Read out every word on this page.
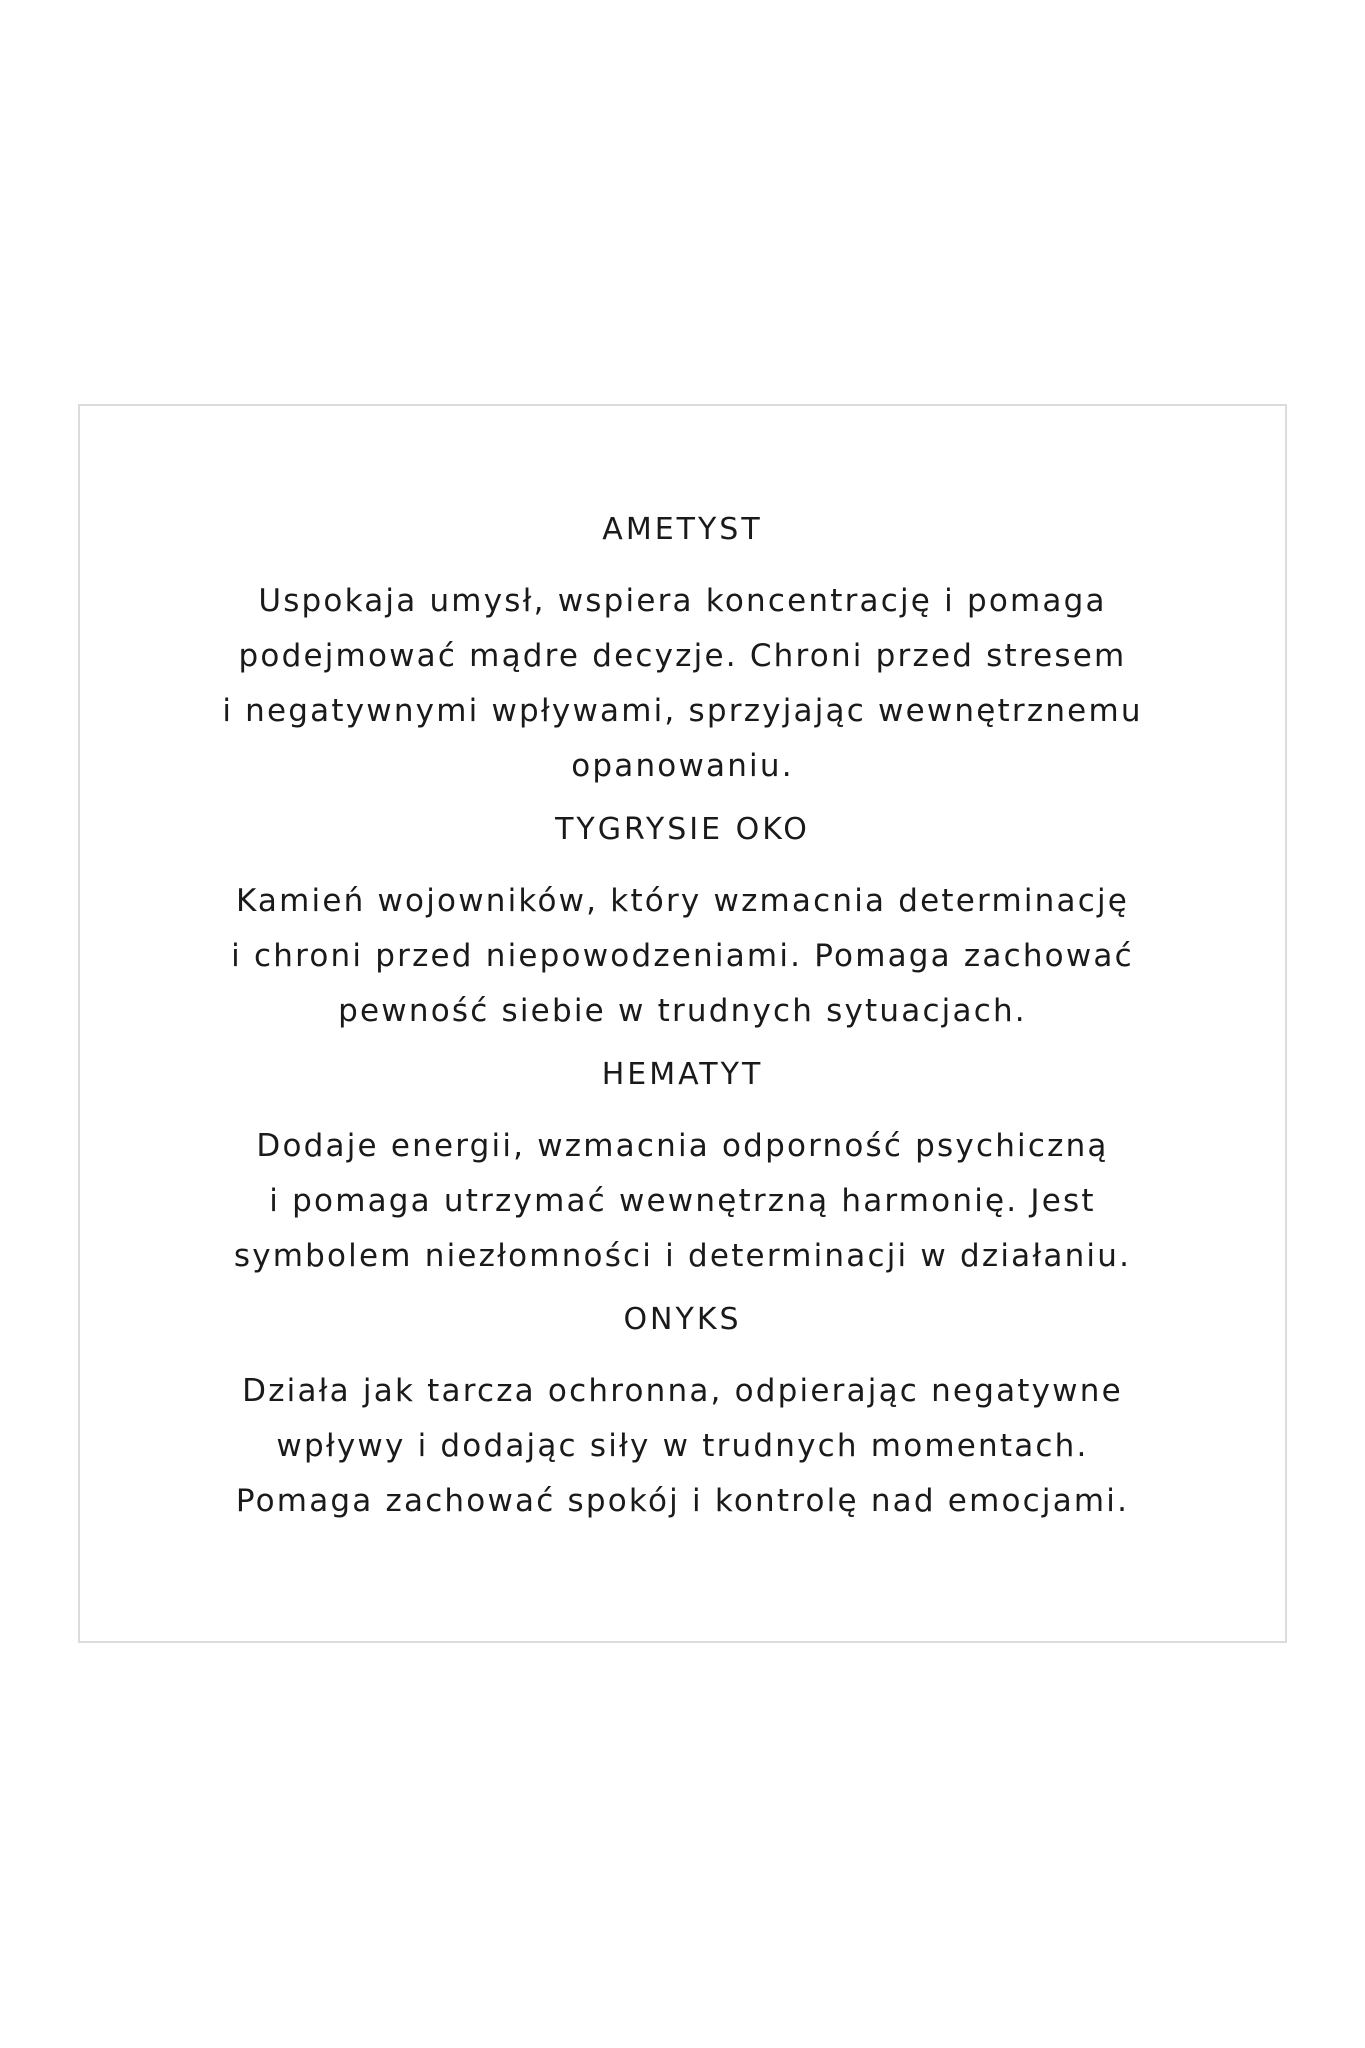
AMETYST

Uspokaja umysł, wspiera koncentrację i pomaga
podejmować mądre decyzje. Chroni przed stresem
i negatywnymi wpływami, sprzyjając wewnętrznemu
opanowaniu.

TYGRYSIE OKO

Kamień wojowników, który wzmacnia determinację
i chroni przed niepowodzeniami. Pomaga zachować
pewność siebie w trudnych sytuacjach.

HEMATYT

Dodaje energii, wzmacnia odporność psychiczną
i pomaga utrzymać wewnętrzną harmonię. Jest
symbolem niezłomności i determinacji w działaniu.

ONYKS

Działa jak tarcza ochronna, odpierając negatywne
wpływy i dodając siły w trudnych momentach.
Pomaga zachować spokój i kontrolę nad emocjami.
